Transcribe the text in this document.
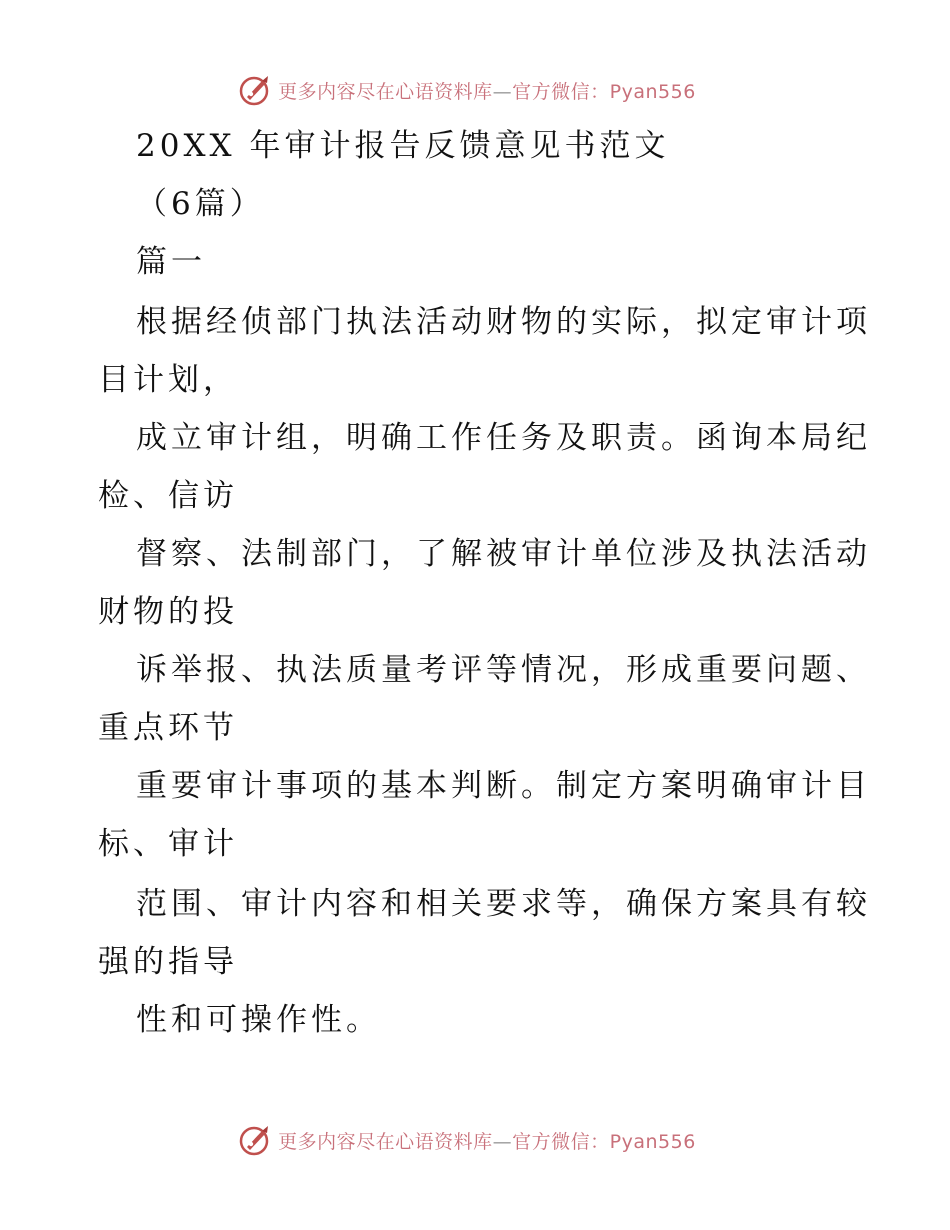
更多内容尽在心语资料库—官方微信：Pyan556
20XX 年审计报告反馈意见书范文
（6篇）
篇一
根据经侦部门执法活动财物的实际，拟定审计项
目计划，
成立审计组，明确工作任务及职责。函询本局纪
检、信访
督察、法制部门，了解被审计单位涉及执法活动
财物的投
诉举报、执法质量考评等情况，形成重要问题、
重点环节
重要审计事项的基本判断。制定方案明确审计目
标、审计
范围、审计内容和相关要求等，确保方案具有较
强的指导
性和可操作性。
更多内容尽在心语资料库—官方微信：Pyan556
